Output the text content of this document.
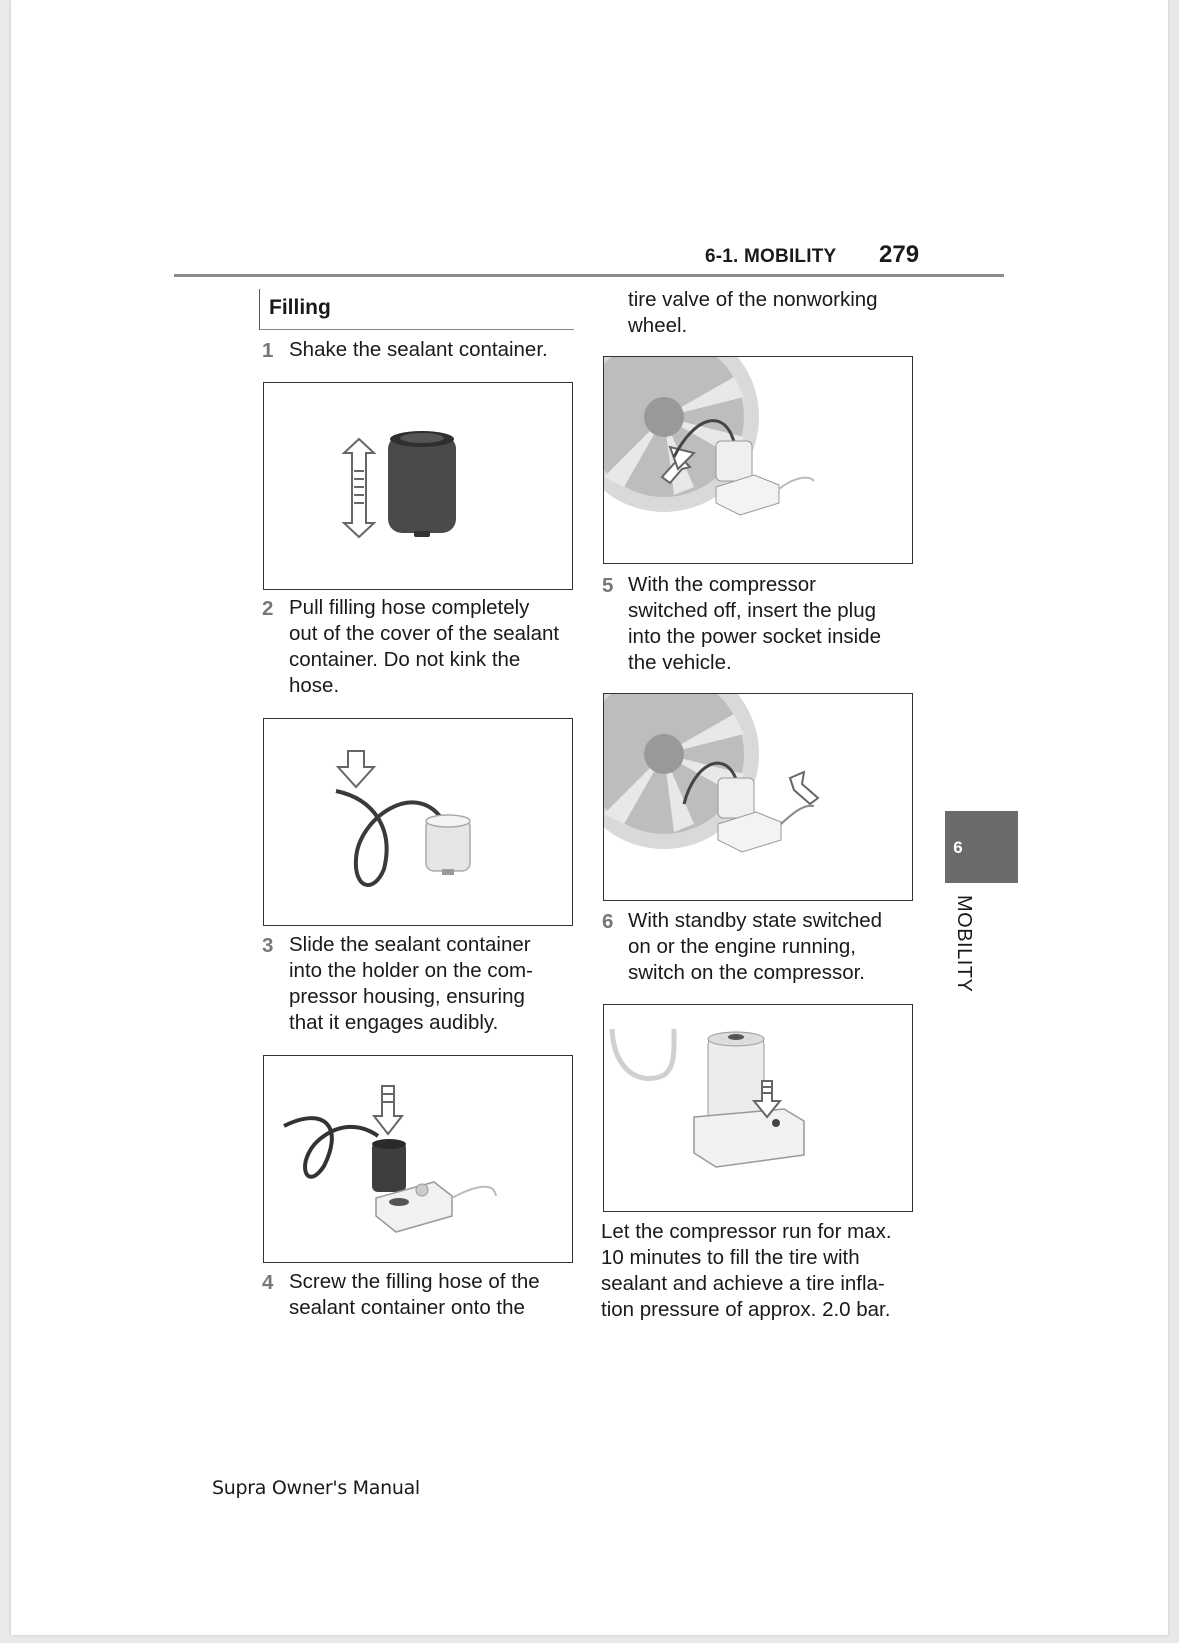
6-1. MOBILITY 279
Filling
1 Shake the sealant container.
2 Pull filling hose completely
out of the cover of the sealant
container. Do not kink the
hose.
3 Slide the sealant container
into the holder on the com-
pressor housing, ensuring
that it engages audibly.
4 Screw the filling hose of the
sealant container onto the
tire valve of the nonworking
wheel.
5 With the compressor
switched off, insert the plug
into the power socket inside
the vehicle.
6 With standby state switched
on or the engine running,
switch on the compressor.
Let the compressor run for max.
10 minutes to fill the tire with
sealant and achieve a tire infla-
tion pressure of approx. 2.0 bar.
6
MOBILITY
Supra Owner's Manual
